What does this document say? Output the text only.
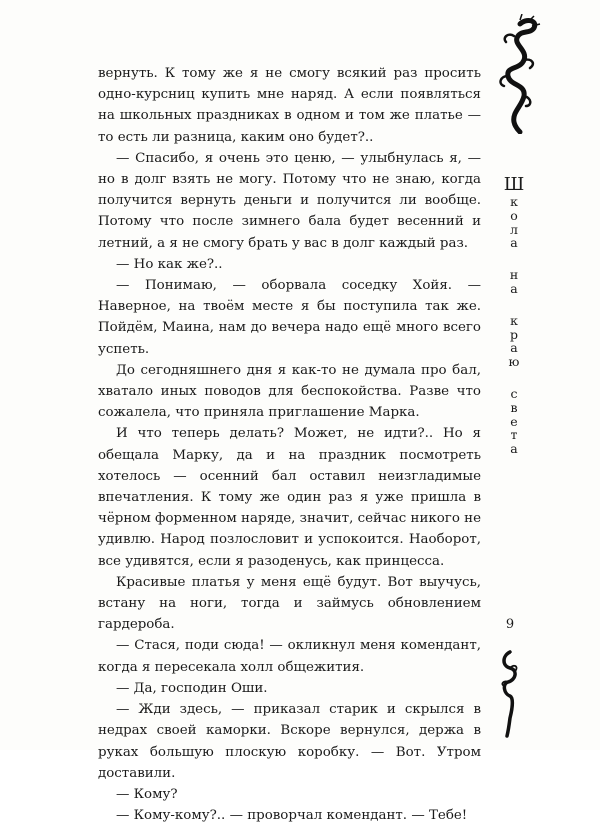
вернуть. К тому же я не смогу всякий раз просить одно-курсниц купить мне наряд. А если появляться на школьных праздниках в одном и том же платье — то есть ли разница, каким оно будет?..

— Спасибо, я очень это ценю, — улыбнулась я, — но в долг взять не могу. Потому что не знаю, когда получится вернуть деньги и получится ли вообще. Потому что после зимнего бала будет весенний и летний, а я не смогу брать у вас в долг каждый раз.

— Но как же?..

— Понимаю, — оборвала соседку Хойя. — Наверное, на твоём месте я бы поступила так же. Пойдём, Маина, нам до вечера надо ещё много всего успеть.

До сегодняшнего дня я как-то не думала про бал, хватало иных поводов для беспокойства. Разве что сожалела, что приняла приглашение Марка.

И что теперь делать? Может, не идти?.. Но я обещала Марку, да и на праздник посмотреть хотелось — осенний бал оставил неизгладимые впечатления. К тому же один раз я уже пришла в чёрном форменном наряде, значит, сейчас никого не удивлю. Народ позлословит и успокоится. Наоборот, все удивятся, если я разоденусь, как принцесса.

Красивые платья у меня ещё будут. Вот выучусь, встану на ноги, тогда и займусь обновлением гардероба.

— Стася, поди сюда! — окликнул меня комендант, когда я пересекала холл общежития.

— Да, господин Оши.

— Жди здесь, — приказал старик и скрылся в недрах своей каморки. Вскоре вернулся, держа в руках большую плоскую коробку. — Вот. Утром доставили.

— Кому?

— Кому-кому?.. — проворчал комендант. — Тебе!

Ш
к
о
л
а
н
а
к
р
а
ю
с
в
е
т
а
9
